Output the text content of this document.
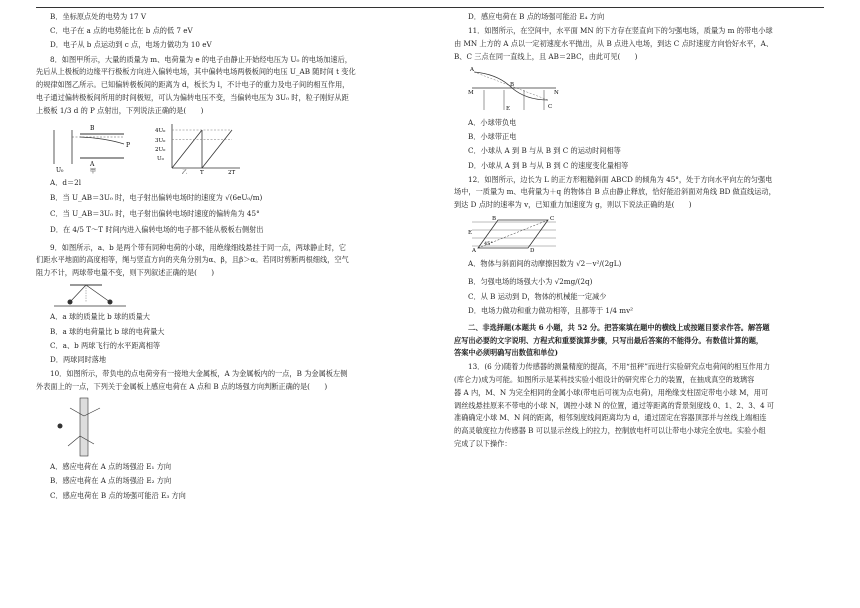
B．坐标原点处的电势为 17 V

C．电子在 a 点的电势能比在 b 点的低 7 eV

D．电子从 b 点运动到 c 点，电场力做功为 10 eV

8．如图甲所示，大量的质量为 m、电荷量为 e 的电子由静止开始经电压为 U₀ 的电场加速后，

先后从上极板的边缘平行极板方向进入偏转电场，其中偏转电场两极板间的电压 U_AB 随时间 t 变化

的规律如图乙所示。已知偏转极板间的距离为 d，板长为 l，不计电子的重力及电子间的相互作用，

电子通过偏转极板间所用的时间极短，可认为偏转电压不变，当偏转电压为 3U₀ 时，粒子刚好从距

上极板 1/3 d 的 P 点射出，下列说法正确的是(　　)

B
P
A
U₀	甲
4U₀
3U₀
2U₀
U₀
T	2T
乙

A．d＝2l

B．当 U_AB＝3U₀ 时，电子射出偏转电场时的速度为 √(6eU₀/m)

C．当 U_AB＝3U₀ 时，电子射出偏转电场时速度的偏转角为 45°

D．在 4/5 T～T 时间内进入偏转电场的电子都不能从极板右侧射出

9．如图所示，a、b 是两个带有同种电荷的小球，用绝缘细线悬挂于同一点，两球静止时，它

们距水平地面的高度相等，绳与竖直方向的夹角分别为α、β，且β＞α。若同时剪断两根细线，空气

阻力不计，两球带电量不变，则下列叙述正确的是(　　)

A．a 球的质量比 b 球的质量大

B．a 球的电荷量比 b 球的电荷量大

C．a、b 两球飞行的水平距离相等

D．两球同时落地

10．如图所示，带负电的点电荷旁有一接地大金属板，A 为金属板内的一点，B 为金属板左侧

外表面上的一点，下列关于金属板上感应电荷在 A 点和 B 点的场强方向判断正确的是(　　)

A．感应电荷在 A 点的场强沿 E₁ 方向

B．感应电荷在 A 点的场强沿 E₂ 方向

C．感应电荷在 B 点的场强可能沿 E₃ 方向

D．感应电荷在 B 点的场强可能沿 E₄ 方向

11．如图所示，在空间中，水平面 MN 的下方存在竖直向下的匀强电场，质量为 m 的带电小球

由 MN 上方的 A 点以一定初速度水平抛出，从 B 点进入电场，到达 C 点时速度方向恰好水平，A、

B、C 三点在同一直线上，且 AB＝2BC，由此可见(　　)

A
B
C
M	N
E

A．小球带负电

B．小球带正电

C．小球从 A 到 B 与从 B 到 C 的运动时间相等

D．小球从 A 到 B 与从 B 到 C 的速度变化量相等

12．如图所示，边长为 L 的正方形粗糙斜面 ABCD 的倾角为 45°，处于方向水平向左的匀强电

场中，一质量为 m、电荷量为＋q 的物体自 B 点由静止释放，恰好能沿斜面对角线 BD 做直线运动，

到达 D 点时的速率为 v，已知重力加速度为 g，则以下说法正确的是(　　)

A
C
B
D
E
45°

A．物体与斜面间的动摩擦因数为 √2－v²/(2gL)

B．匀强电场的场强大小为 √2mg/(2q)

C．从 B 运动到 D，物体的机械能一定减少

D．电场力做功和重力做功相等，且都等于 1/4 mv²

二、非选择题(本题共 6 小题，共 52 分。把答案填在题中的横线上或按题目要求作答。解答题

应写出必要的文字说明、方程式和重要演算步骤，只写出最后答案的不能得分。有数值计算的题，

答案中必须明确写出数值和单位)

13．(6 分)随着力传感器的测量精度的提高，不用“扭秤”而进行实验研究点电荷间的相互作用力

(库仑力)成为可能。如图所示是某科技实验小组设计的研究库仑力的装置，在抽成真空的玻璃容

器 A 内，M、N 为完全相同的金属小球(带电后可视为点电荷)，用绝缘支柱固定带电小球 M，用可

调丝线悬挂原来不带电的小球 N，调控小球 N 的位置，通过等距离的背景刻度线 0、1、2、3、4 可

准确确定小球 M、N 间的距离，相邻刻度线间距离均为 d，通过固定在容器顶部并与丝线上端相连

的高灵敏度拉力传感器 B 可以显示丝线上的拉力，控制放电杆可以让带电小球完全放电。实验小组

完成了以下操作：
